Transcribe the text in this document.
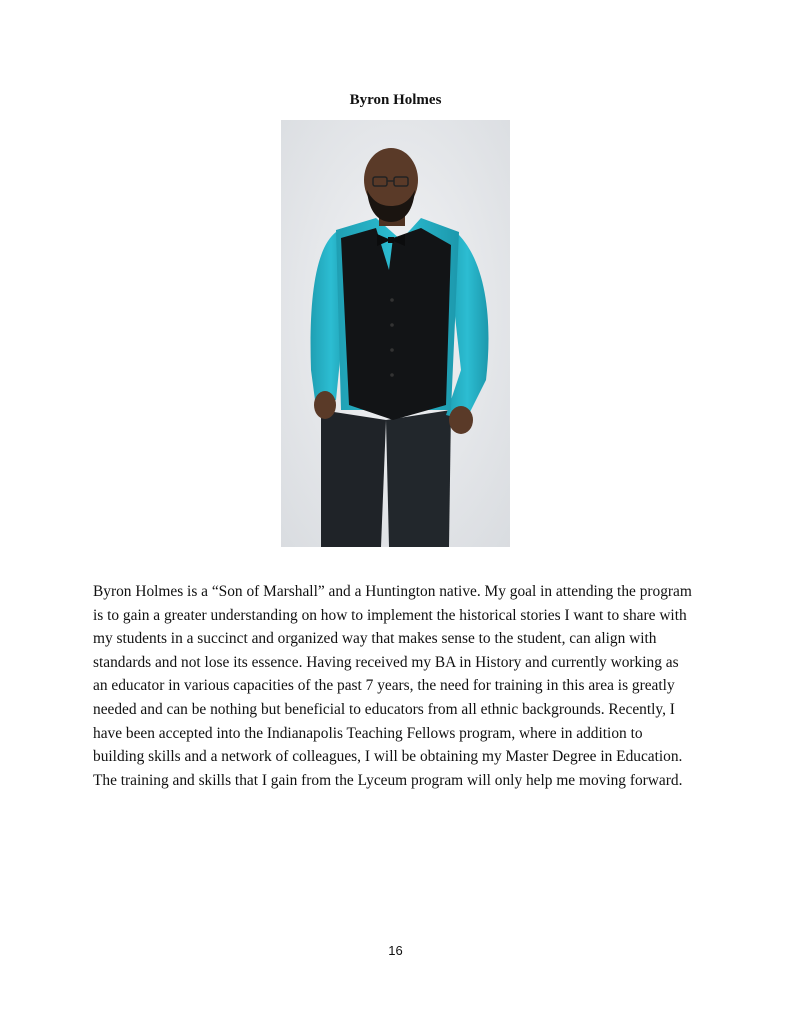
Byron Holmes

Byron Holmes is a “Son of Marshall” and a Huntington native. My goal in attending the program
is to gain a greater understanding on how to implement the historical stories I want to share with
my students in a succinct and organized way that makes sense to the student, can align with
standards and not lose its essence. Having received my BA in History and currently working as
an educator in various capacities of the past 7 years, the need for training in this area is greatly
needed and can be nothing but beneficial to educators from all ethnic backgrounds. Recently, I
have been accepted into the Indianapolis Teaching Fellows program, where in addition to
building skills and a network of colleagues, I will be obtaining my Master Degree in Education.
The training and skills that I gain from the Lyceum program will only help me moving forward.

16
